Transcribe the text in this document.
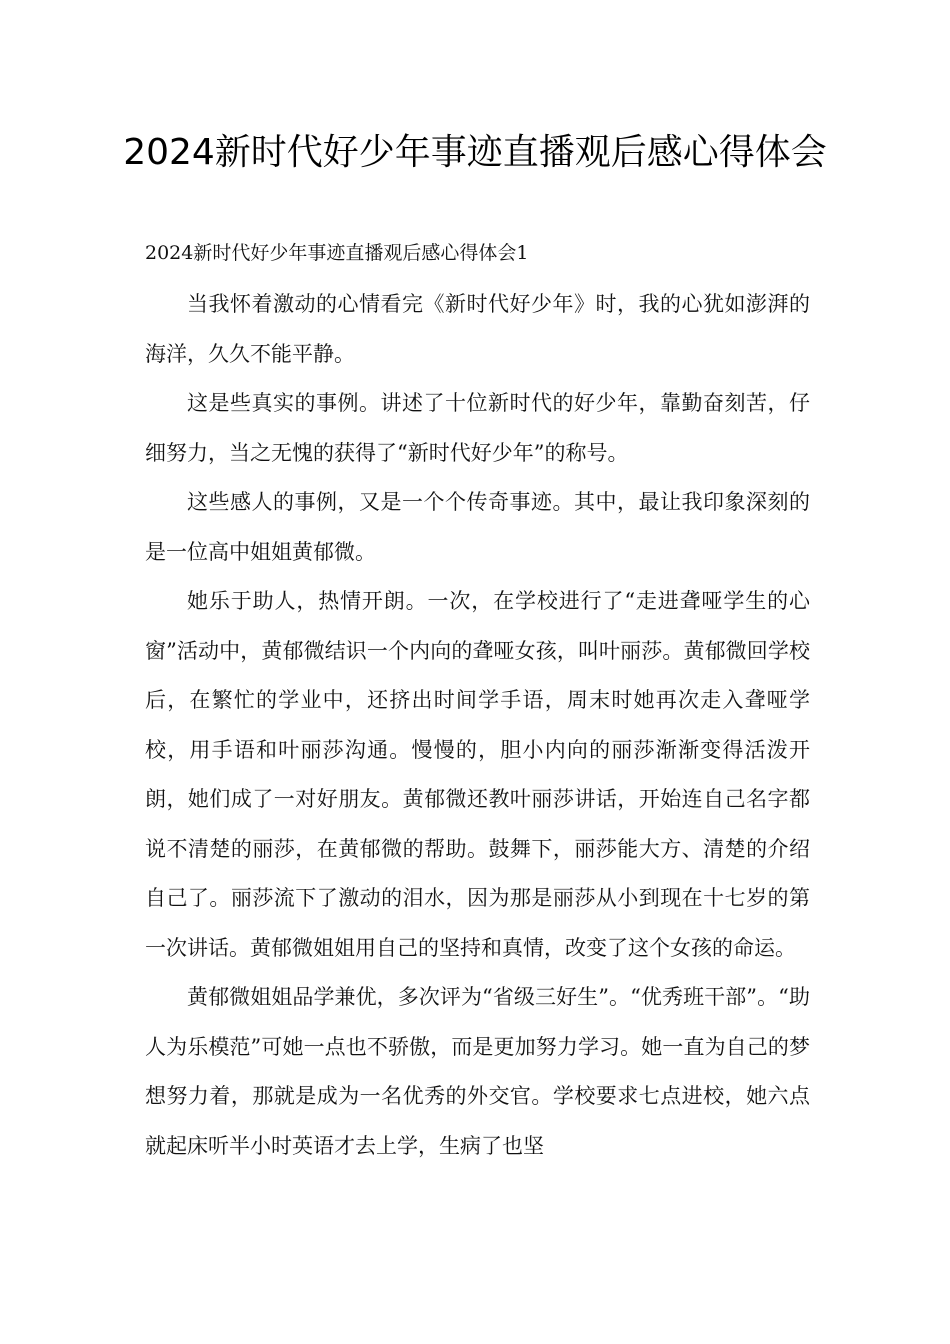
2024新时代好少年事迹直播观后感心得体会
2024新时代好少年事迹直播观后感心得体会1

当我怀着激动的心情看完《新时代好少年》时，我的心犹如澎湃的海洋，久久不能平静。

这是些真实的事例。讲述了十位新时代的好少年，靠勤奋刻苦，仔细努力，当之无愧的获得了“新时代好少年”的称号。

这些感人的事例，又是一个个传奇事迹。其中，最让我印象深刻的是一位高中姐姐黄郁微。

她乐于助人，热情开朗。一次，在学校进行了“走进聋哑学生的心窗”活动中，黄郁微结识一个内向的聋哑女孩，叫叶丽莎。黄郁微回学校后，在繁忙的学业中，还挤出时间学手语，周末时她再次走入聋哑学校，用手语和叶丽莎沟通。慢慢的，胆小内向的丽莎渐渐变得活泼开朗，她们成了一对好朋友。黄郁微还教叶丽莎讲话，开始连自己名字都说不清楚的丽莎，在黄郁微的帮助。鼓舞下，丽莎能大方、清楚的介绍自己了。丽莎流下了激动的泪水，因为那是丽莎从小到现在十七岁的第一次讲话。黄郁微姐姐用自己的坚持和真情，改变了这个女孩的命运。

黄郁微姐姐品学兼优，多次评为“省级三好生”。“优秀班干部”。“助人为乐模范”可她一点也不骄傲，而是更加努力学习。她一直为自己的梦想努力着，那就是成为一名优秀的外交官。学校要求七点进校，她六点就起床听半小时英语才去上学，生病了也坚
